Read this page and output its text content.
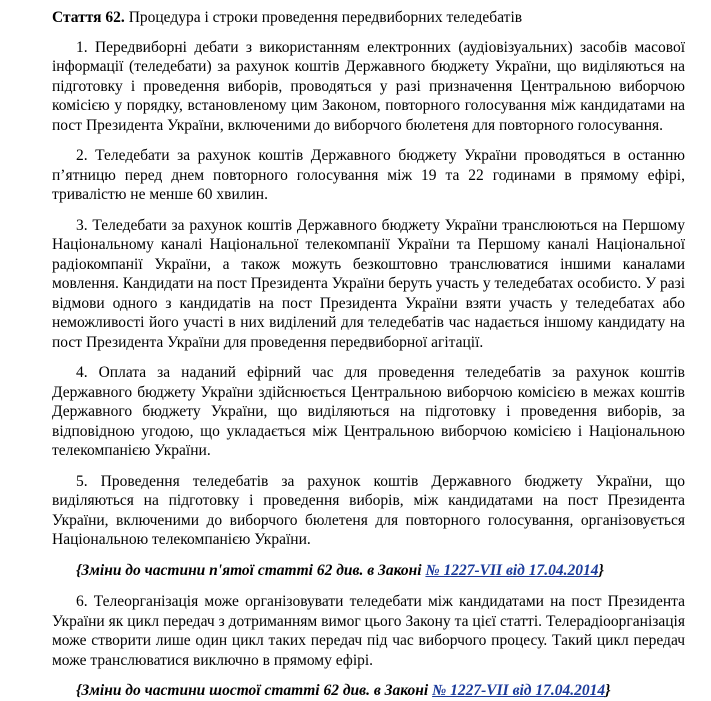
Стаття 62. Процедура і строки проведення передвиборних теледебатів

1. Передвиборні дебати з використанням електронних (аудіовізуальних) засобів масової інформації (теледебати) за рахунок коштів Державного бюджету України, що виділяються на підготовку і проведення виборів, проводяться у разі призначення Центральною виборчою комісією у порядку, встановленому цим Законом, повторного голосування між кандидатами на пост Президента України, включеними до виборчого бюлетеня для повторного голосування.

2. Теледебати за рахунок коштів Державного бюджету України проводяться в останню п’ятницю перед днем повторного голосування між 19 та 22 годинами в прямому ефірі, тривалістю не менше 60 хвилин.

3. Теледебати за рахунок коштів Державного бюджету України транслюються на Першому Національному каналі Національної телекомпанії України та Першому каналі Національної радіокомпанії України, а також можуть безкоштовно транслюватися іншими каналами мовлення. Кандидати на пост Президента України беруть участь у теледебатах особисто. У разі відмови одного з кандидатів на пост Президента України взяти участь у теледебатах або неможливості його участі в них виділений для теледебатів час надається іншому кандидату на пост Президента України для проведення передвиборної агітації.

4. Оплата за наданий ефірний час для проведення теледебатів за рахунок коштів Державного бюджету України здійснюється Центральною виборчою комісією в межах коштів Державного бюджету України, що виділяються на підготовку і проведення виборів, за відповідною угодою, що укладається між Центральною виборчою комісією і Національною телекомпанією України.

5. Проведення теледебатів за рахунок коштів Державного бюджету України, що виділяються на підготовку і проведення виборів, між кандидатами на пост Президента України, включеними до виборчого бюлетеня для повторного голосування, організовується Національною телекомпанією України.

{Зміни до частини п'ятої статті 62 див. в Законі № 1227-VII від 17.04.2014}

6. Телеорганізація може організовувати теледебати між кандидатами на пост Президента України як цикл передач з дотриманням вимог цього Закону та цієї статті. Телерадіоорганізація може створити лише один цикл таких передач під час виборчого процесу. Такий цикл передач може транслюватися виключно в прямому ефірі.

{Зміни до частини шостої статті 62 див. в Законі № 1227-VII від 17.04.2014}
